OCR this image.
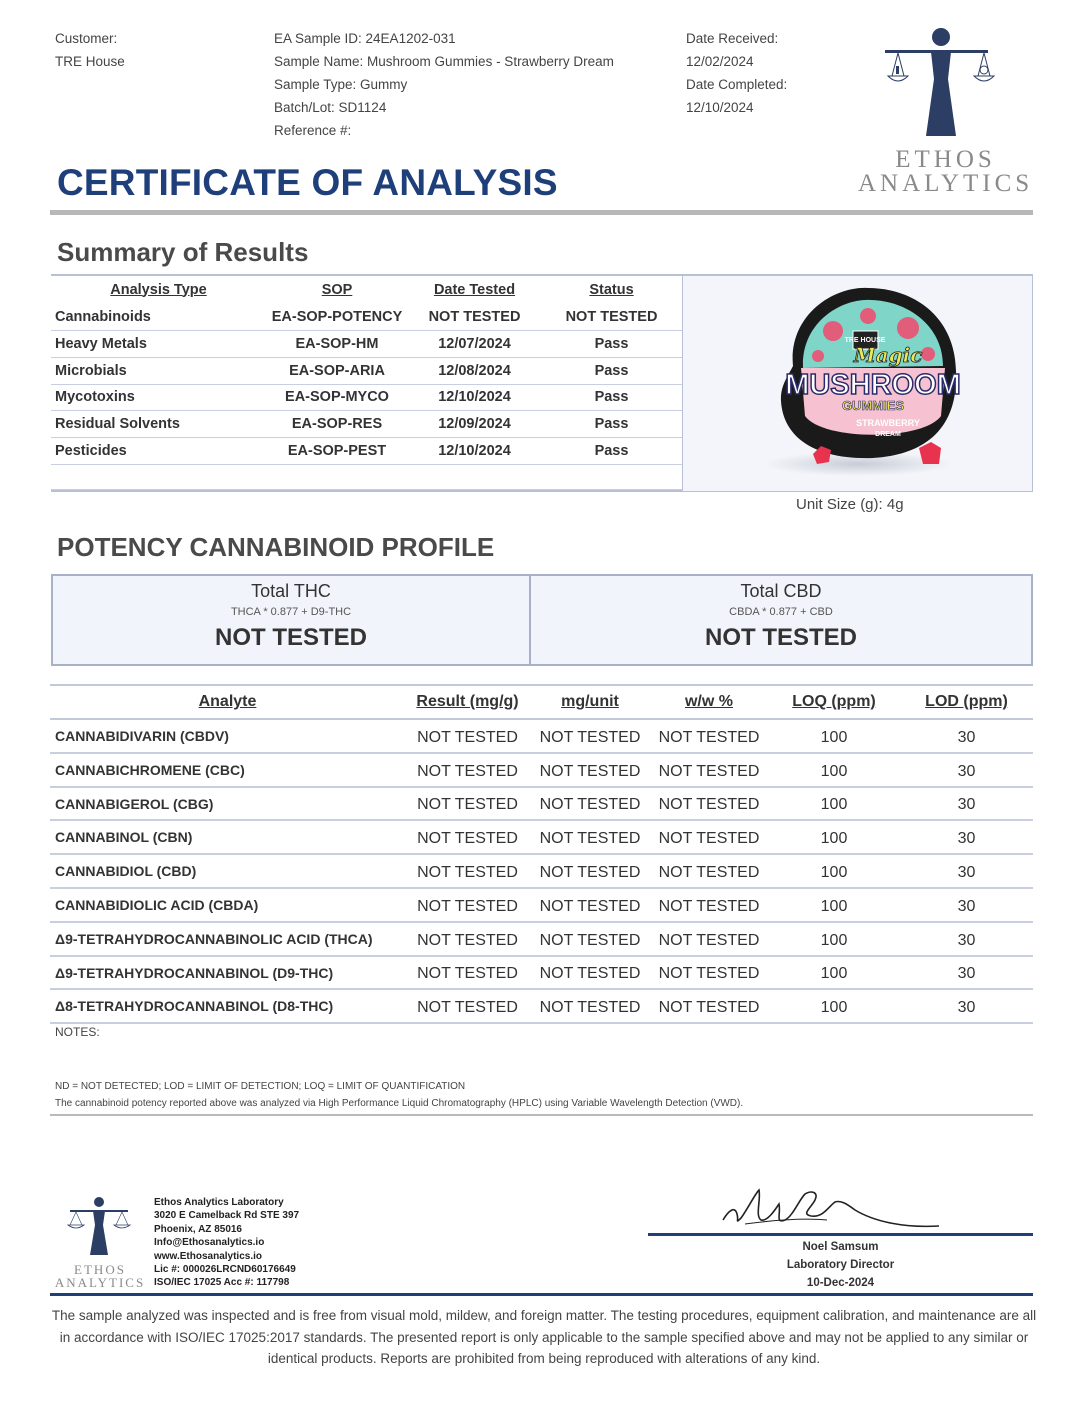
Customer:
TRE House
EA Sample ID: 24EA1202-031
Sample Name: Mushroom Gummies - Strawberry Dream
Sample Type: Gummy
Batch/Lot: SD1124
Reference #:
Date Received:
12/02/2024
Date Completed:
12/10/2024
ETHOS
ANALYTICS
CERTIFICATE OF ANALYSIS
Summary of Results
Analysis Type	SOP	Date Tested	Status
Cannabinoids	EA-SOP-POTENCY	NOT TESTED	NOT TESTED
Heavy Metals	EA-SOP-HM	12/07/2024	Pass
Microbials	EA-SOP-ARIA	12/08/2024	Pass
Mycotoxins	EA-SOP-MYCO	12/10/2024	Pass
Residual Solvents	EA-SOP-RES	12/09/2024	Pass
Pesticides	EA-SOP-PEST	12/10/2024	Pass

TRE HOUSE
Magic
MUSHROOM
GUMMIES
STRAWBERRY
DREAM
Unit Size (g): 4g
POTENCY CANNABINOID PROFILE
Total THC
THCA * 0.877 + D9-THC
NOT TESTED
Total CBD
CBDA * 0.877 + CBD
NOT TESTED
Analyte	Result (mg/g)	mg/unit	w/w %	LOQ (ppm)	LOD (ppm)
CANNABIDIVARIN (CBDV)	NOT TESTED	NOT TESTED	NOT TESTED	100	30
CANNABICHROMENE (CBC)	NOT TESTED	NOT TESTED	NOT TESTED	100	30
CANNABIGEROL (CBG)	NOT TESTED	NOT TESTED	NOT TESTED	100	30
CANNABINOL (CBN)	NOT TESTED	NOT TESTED	NOT TESTED	100	30
CANNABIDIOL (CBD)	NOT TESTED	NOT TESTED	NOT TESTED	100	30
CANNABIDIOLIC ACID (CBDA)	NOT TESTED	NOT TESTED	NOT TESTED	100	30
Δ9-TETRAHYDROCANNABINOLIC ACID (THCA)	NOT TESTED	NOT TESTED	NOT TESTED	100	30
Δ9-TETRAHYDROCANNABINOL (D9-THC)	NOT TESTED	NOT TESTED	NOT TESTED	100	30
Δ8-TETRAHYDROCANNABINOL (D8-THC)	NOT TESTED	NOT TESTED	NOT TESTED	100	30
NOTES:
ND = NOT DETECTED; LOD = LIMIT OF DETECTION; LOQ = LIMIT OF QUANTIFICATION
The cannabinoid potency reported above was analyzed via High Performance Liquid Chromatography (HPLC) using Variable Wavelength Detection (VWD).
ETHOS
ANALYTICS
Ethos Analytics Laboratory
3020 E Camelback Rd STE 397
Phoenix, AZ 85016
Info@Ethosanalytics.io
www.Ethosanalytics.io
Lic #: 000026LRCND60176649
ISO/IEC 17025 Acc #: 117798
Noel Samsum
Laboratory Director
10-Dec-2024
The sample analyzed was inspected and is free from visual mold, mildew, and foreign matter. The testing procedures, equipment calibration, and maintenance are all in accordance with ISO/IEC 17025:2017 standards. The presented report is only applicable to the sample specified above and may not be applied to any similar or identical products. Reports are prohibited from being reproduced with alterations of any kind.
